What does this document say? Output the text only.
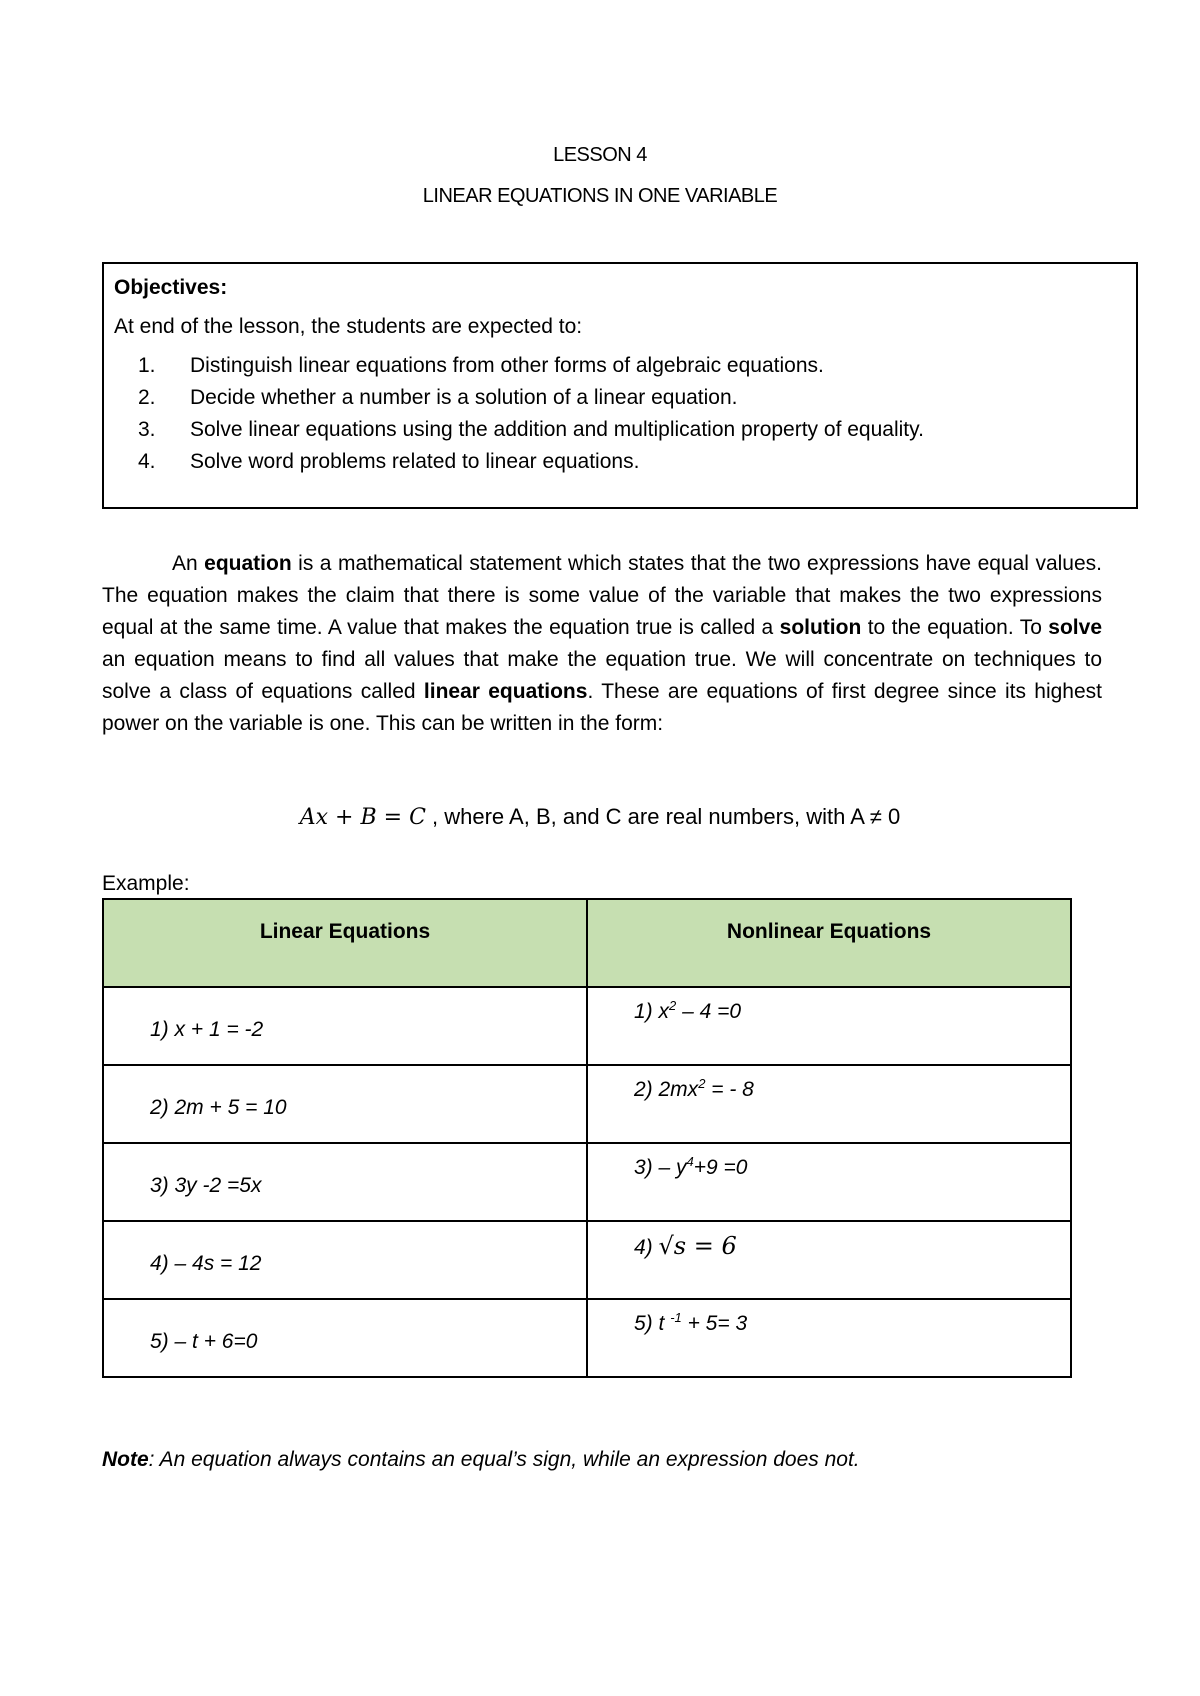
LESSON 4
LINEAR EQUATIONS IN ONE VARIABLE
Objectives:
At end of the lesson, the students are expected to:
1. Distinguish linear equations from other forms of algebraic equations.
2. Decide whether a number is a solution of a linear equation.
3. Solve linear equations using the addition and multiplication property of equality.
4. Solve word problems related to linear equations.
An equation is a mathematical statement which states that the two expressions have equal values. The equation makes the claim that there is some value of the variable that makes the two expressions equal at the same time. A value that makes the equation true is called a solution to the equation. To solve an equation means to find all values that make the equation true. We will concentrate on techniques to solve a class of equations called linear equations. These are equations of first degree since its highest power on the variable is one. This can be written in the form:
Ax + B = C , where A, B, and C are real numbers, with A ≠ 0
Example:
Linear Equations	Nonlinear Equations

1) x + 1 = -2	1) $x^2 - 4 =0$

2) 2m + 5 = 10	2) $2mx^2$ = - 8

3) 3y -2 =5x	$3) - y^4+9 =0$

4) – 4s = 12	4) √s = 6

5) – t + 6=0	5) t $^{-1}$ + 5= 3
Note: An equation always contains an equal’s sign, while an expression does not.
